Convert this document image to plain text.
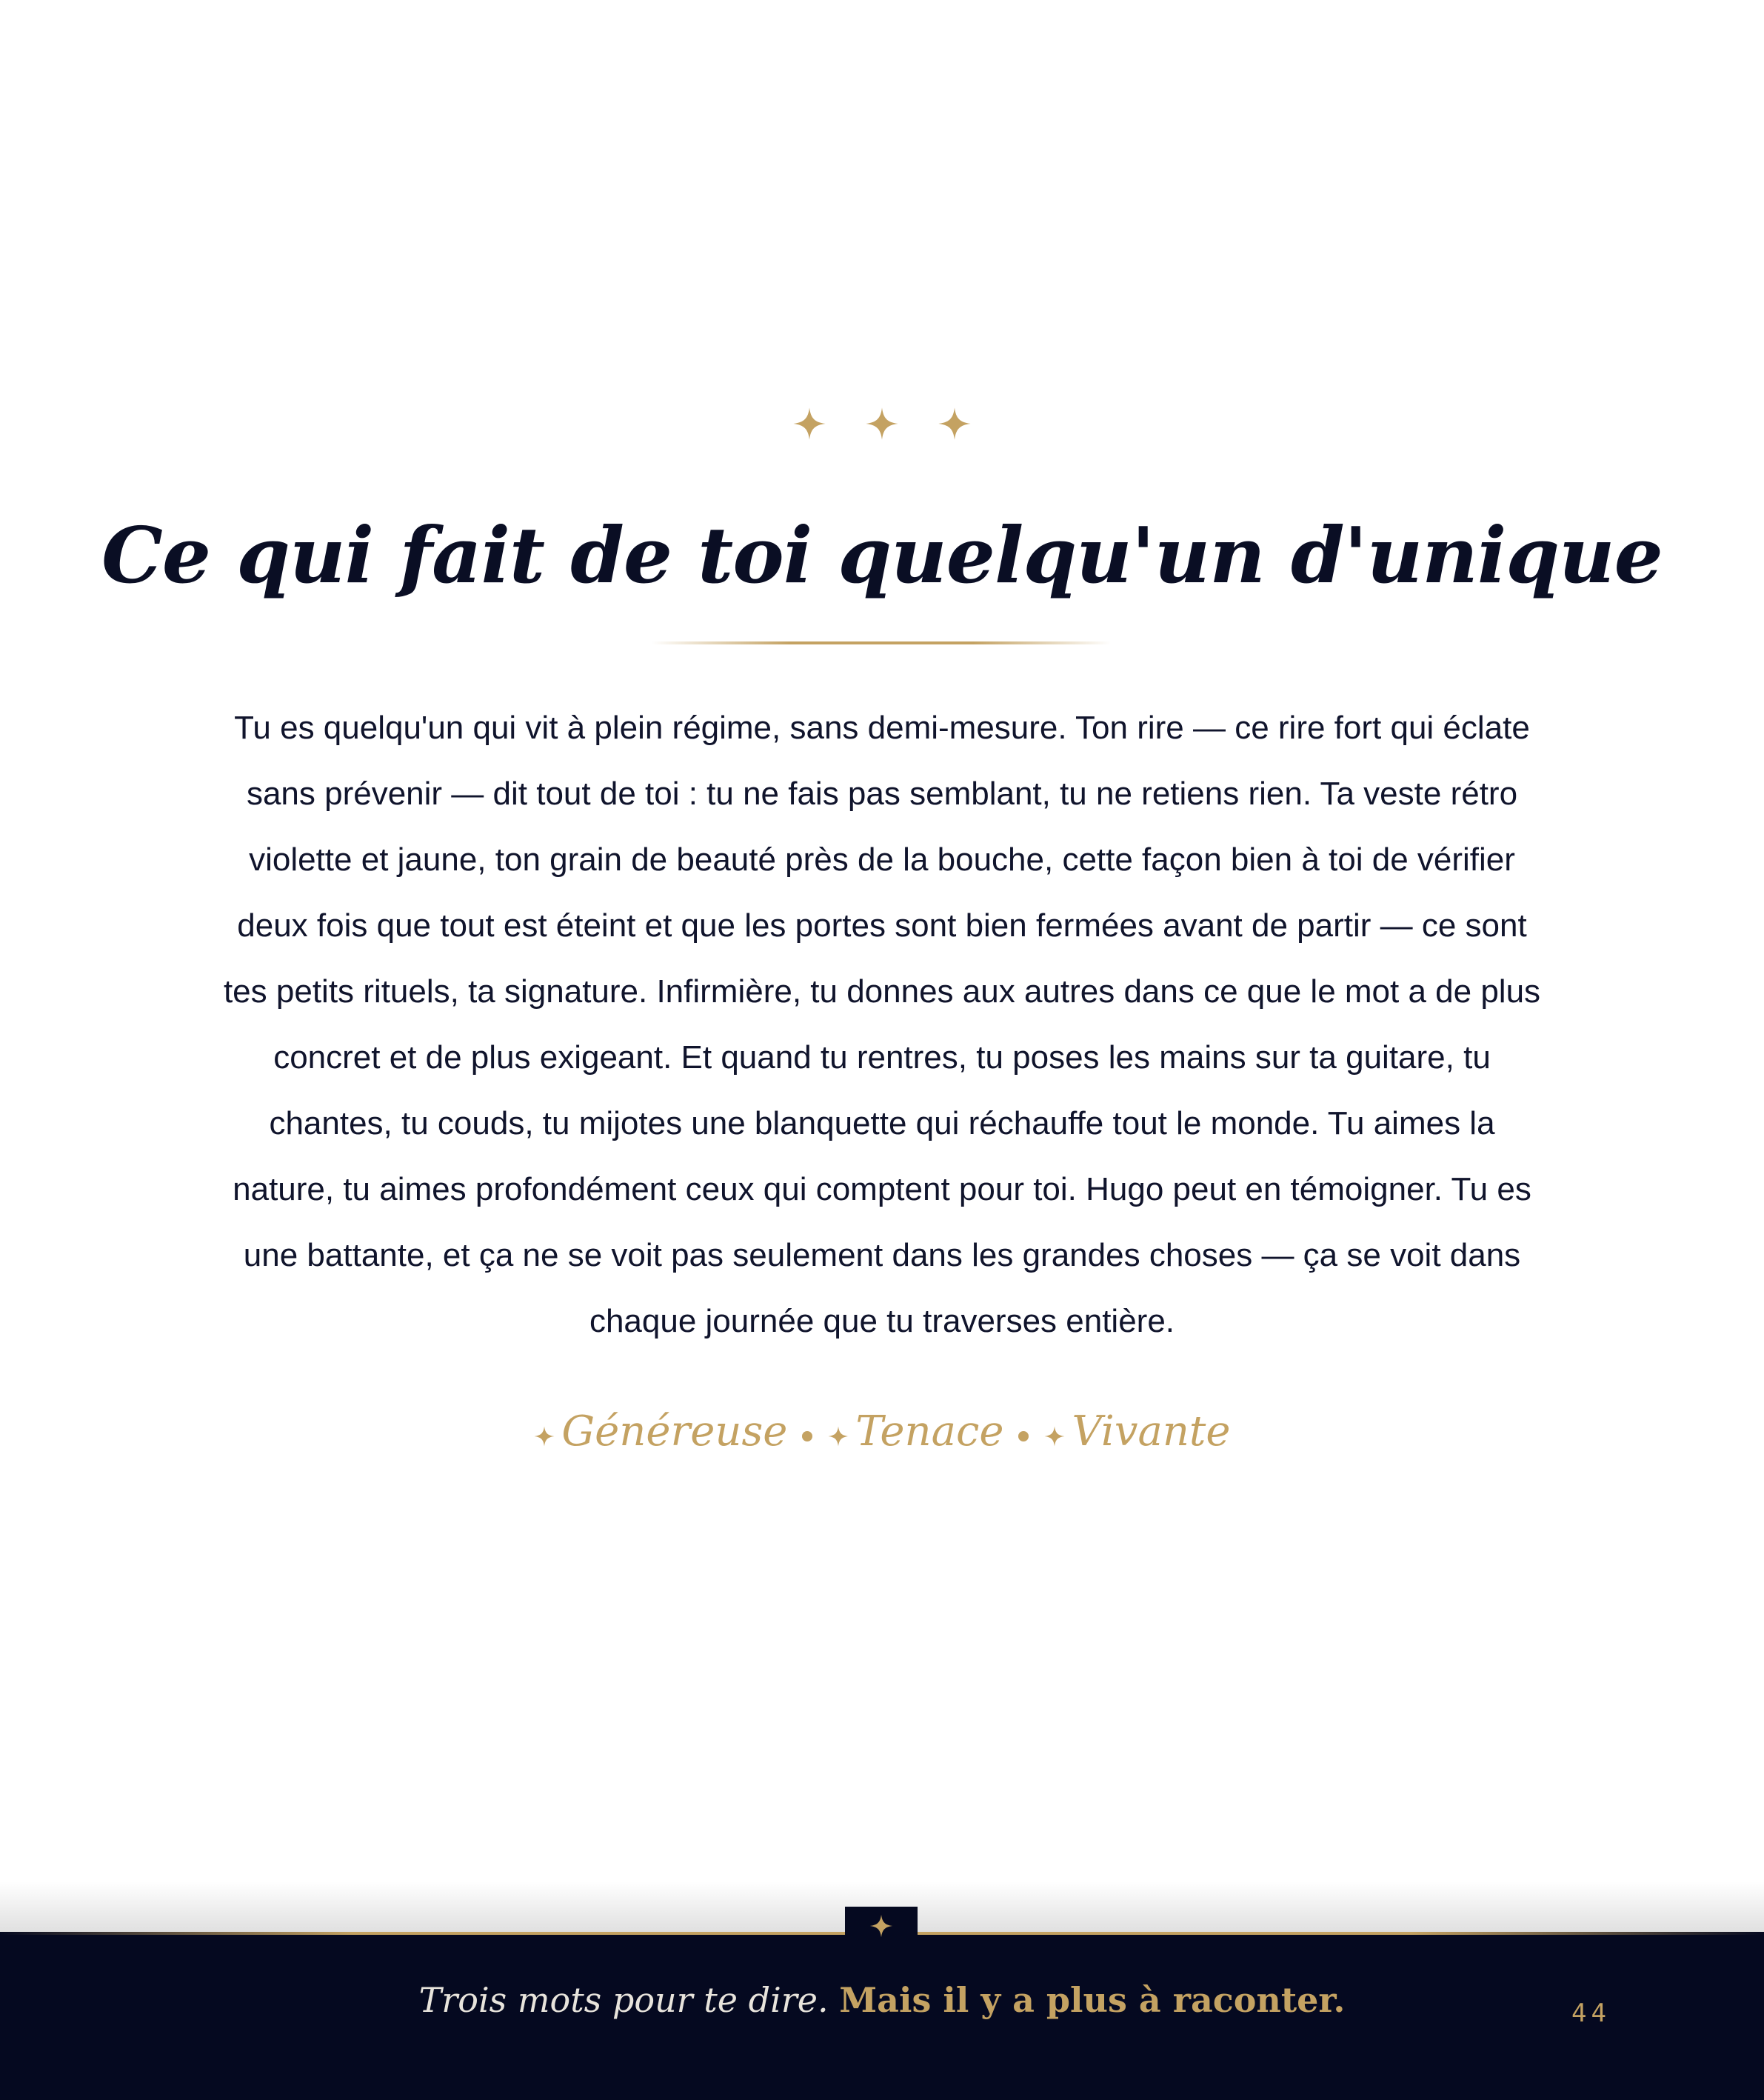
Ce qui fait de toi quelqu'un d'unique

Tu es quelqu'un qui vit à plein régime, sans demi-mesure. Ton rire — ce rire fort qui éclate sans prévenir — dit tout de toi : tu ne fais pas semblant, tu ne retiens rien. Ta veste rétro violette et jaune, ton grain de beauté près de la bouche, cette façon bien à toi de vérifier deux fois que tout est éteint et que les portes sont bien fermées avant de partir — ce sont tes petits rituels, ta signature. Infirmière, tu donnes aux autres dans ce que le mot a de plus concret et de plus exigeant. Et quand tu rentres, tu poses les mains sur ta guitare, tu chantes, tu couds, tu mijotes une blanquette qui réchauffe tout le monde. Tu aimes la nature, tu aimes profondément ceux qui comptent pour toi. Hugo peut en témoigner. Tu es une battante, et ça ne se voit pas seulement dans les grandes choses — ça se voit dans chaque journée que tu traverses entière.

Généreuse Tenace Vivante
Trois mots pour te dire. Mais il y a plus à raconter.	44
